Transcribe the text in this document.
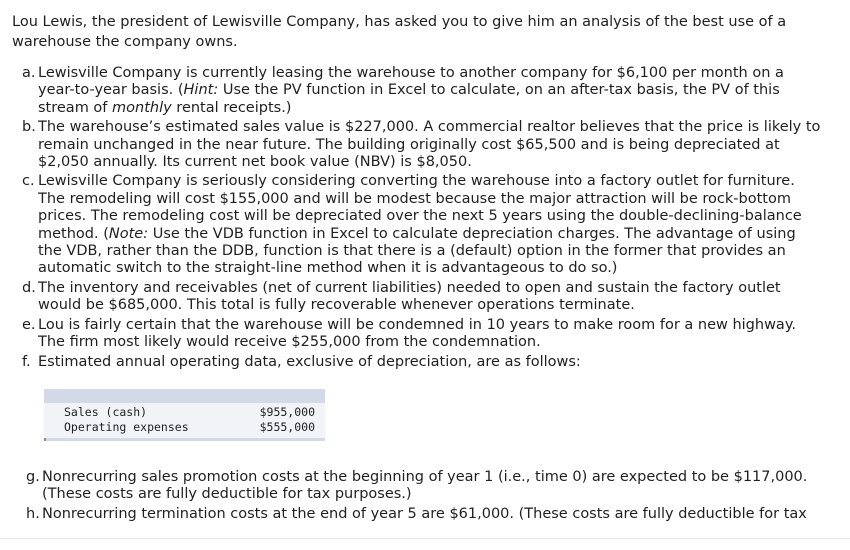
Lou Lewis, the president of Lewisville Company, has asked you to give him an analysis of the best use of a warehouse the company owns.
a. Lewisville Company is currently leasing the warehouse to another company for $6,100 per month on a year-to-year basis. (Hint: Use the PV function in Excel to calculate, on an after-tax basis, the PV of this stream of monthly rental receipts.)
b. The warehouse’s estimated sales value is $227,000. A commercial realtor believes that the price is likely to remain unchanged in the near future. The building originally cost $65,500 and is being depreciated at $2,050 annually. Its current net book value (NBV) is $8,050.
c. Lewisville Company is seriously considering converting the warehouse into a factory outlet for furniture. The remodeling will cost $155,000 and will be modest because the major attraction will be rock-bottom prices. The remodeling cost will be depreciated over the next 5 years using the double-declining-balance method. (Note: Use the VDB function in Excel to calculate depreciation charges. The advantage of using the VDB, rather than the DDB, function is that there is a (default) option in the former that provides an automatic switch to the straight-line method when it is advantageous to do so.)
d. The inventory and receivables (net of current liabilities) needed to open and sustain the factory outlet would be $685,000. This total is fully recoverable whenever operations terminate.
e. Lou is fairly certain that the warehouse will be condemned in 10 years to make room for a new highway. The firm most likely would receive $255,000 from the condemnation.
f. Estimated annual operating data, exclusive of depreciation, are as follows:
Sales (cash)	$955,000
Operating expenses	$555,000
g. Nonrecurring sales promotion costs at the beginning of year 1 (i.e., time 0) are expected to be $117,000. (These costs are fully deductible for tax purposes.)
h. Nonrecurring termination costs at the end of year 5 are $61,000. (These costs are fully deductible for tax
